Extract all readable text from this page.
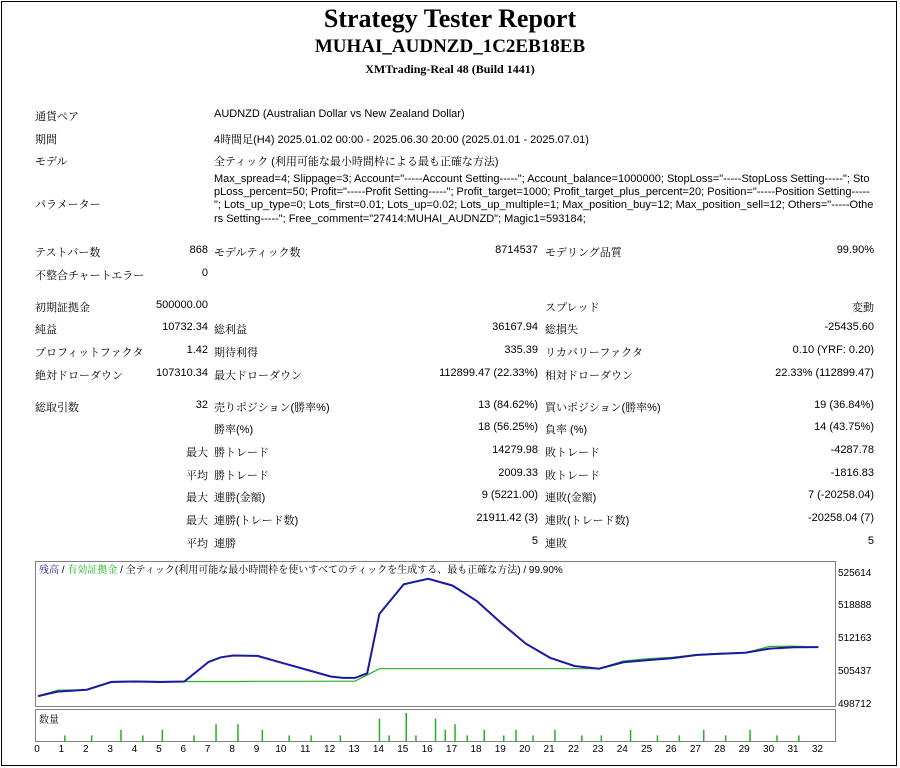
Strategy Tester Report
MUHAI_AUDNZD_1C2EB18EB
XMTrading-Real 48 (Build 1441)
通貨ペア	AUDNZD (Australian Dollar vs New Zealand Dollar)
期間	4時間足(H4) 2025.01.02 00:00 - 2025.06.30 20:00 (2025.01.01 - 2025.07.01)
モデル	全ティック (利用可能な最小時間枠による最も正確な方法)
パラメーター
Max_spread=4; Slippage=3; Account="-----Account Setting-----"; Account_balance=1000000; StopLoss="-----StopLoss Setting-----"; StopLoss_percent=50; Profit="-----Profit Setting-----"; Profit_target=1000; Profit_target_plus_percent=20; Position="-----Position Setting-----"; Lots_up_type=0; Lots_first=0.01; Lots_up=0.02; Lots_up_multiple=1; Max_position_buy=12; Max_position_sell=12; Others="-----Others Setting-----"; Free_comment="27414:MUHAI_AUDNZD"; Magic1=593184;
テストバー数	868 モデルティック数	8714537 モデリング品質	99.90%
不整合チャートエラー	0
初期証拠金	500000.00	スプレッド	変動
純益	10732.34 総利益	36167.94 総損失	-25435.60
プロフィットファクタ	1.42 期待利得	335.39 リカバリーファクタ	0.10 (YRF: 0.20)
絶対ドローダウン	107310.34 最大ドローダウン	112899.47 (22.33%) 相対ドローダウン	22.33% (112899.47)
総取引数	32 売りポジション(勝率%)	13 (84.62%) 買いポジション(勝率%)	19 (36.84%)
勝率(%)	18 (56.25%) 負率 (%)	14 (43.75%)
最大 勝トレード	14279.98 敗トレード	-4287.78
平均 勝トレード	2009.33 敗トレード	-1816.83
最大 連勝(金額)	9 (5221.00) 連敗(金額)	7 (-20258.04)
最大 連勝(トレード数)	21911.42 (3) 連敗(トレード数)	-20258.04 (7)
平均 連勝	5 連敗	5
残高 / 有効証拠金 / 全ティック(利用可能な最小時間枠を使いすべてのティックを生成する、最も正確な方法) / 99.90%	525614
518888
512163
505437
498712
数量
0	1	2	3	4	5	6	7	8	9	10	11	12	13	14	15	16	17	18	19	20	21	22	23	24	25	26	27	28	29	30	31	32
